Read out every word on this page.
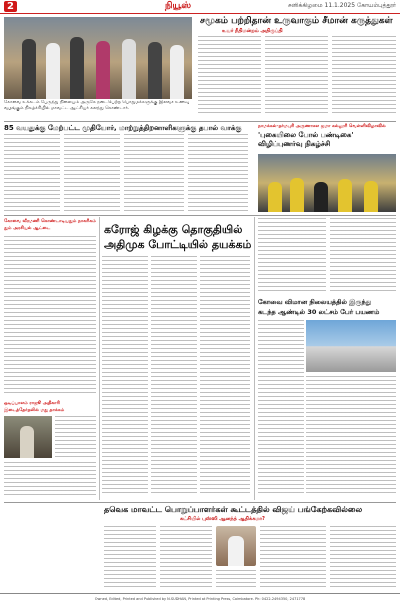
2	நியூஸ்	சனிக்கிழமை 11.1.2025 கோயம்புத்தூர்
கோவை உக்கடம் பேருந்து நிலையம் அருகே நடைபெற்ற பொதுமக்களுக்கு இலவச உணவு வழங்கும் நிகழ்ச்சியில் மாவட்ட ஆட்சியர் கலந்து கொண்டார்.
சமூகம் பற்றிதான் உருவாகும் சீமான் கருத்துகள்
உயர் நீதிமன்றம் அதிருப்தி
85 வயதுக்கு மேற்பட்ட முதியோர், மாற்றுத்திறனாளிகளுக்கு தபால் வாக்கு	நாமக்கல்–தர்மபுரி அருணாசல ஜமா கல்லூரி வெள்ளிவிழாவில்
'புகையிலை போல் பண்டிகை' விழிப்புணர்வு நிகழ்ச்சி
கோவை வீரமணி கொண்டாடியதும் நாகரிகம் தும் அரசியல் ஆட்டை
ஒடிப்பாலம் ராஜூ அதிகாரி இடைத்தேர்தலில் மது தாக்கம்
கரோஜ் கிழக்கு தொகுதியில்
அதிமுக போட்டியில் தயக்கம்
கோவை விமான நிலையத்தில் இருந்து
கடந்த ஆண்டில் 30 லட்சம் பேர் பயணம்
தவெக மாவட்ட பொறுப்பாளர்கள் கூட்டத்தில் விஜய் பங்கேற்கவில்லை
கட்சியில் புஸ்ஸி ஆனந்த் ஆதிக்கமா?
Owned, Edited, Printed and Published by N.SUDHAN, Printed at Printing Press, Coimbatore. Ph: 0422-2494350, 2471778
